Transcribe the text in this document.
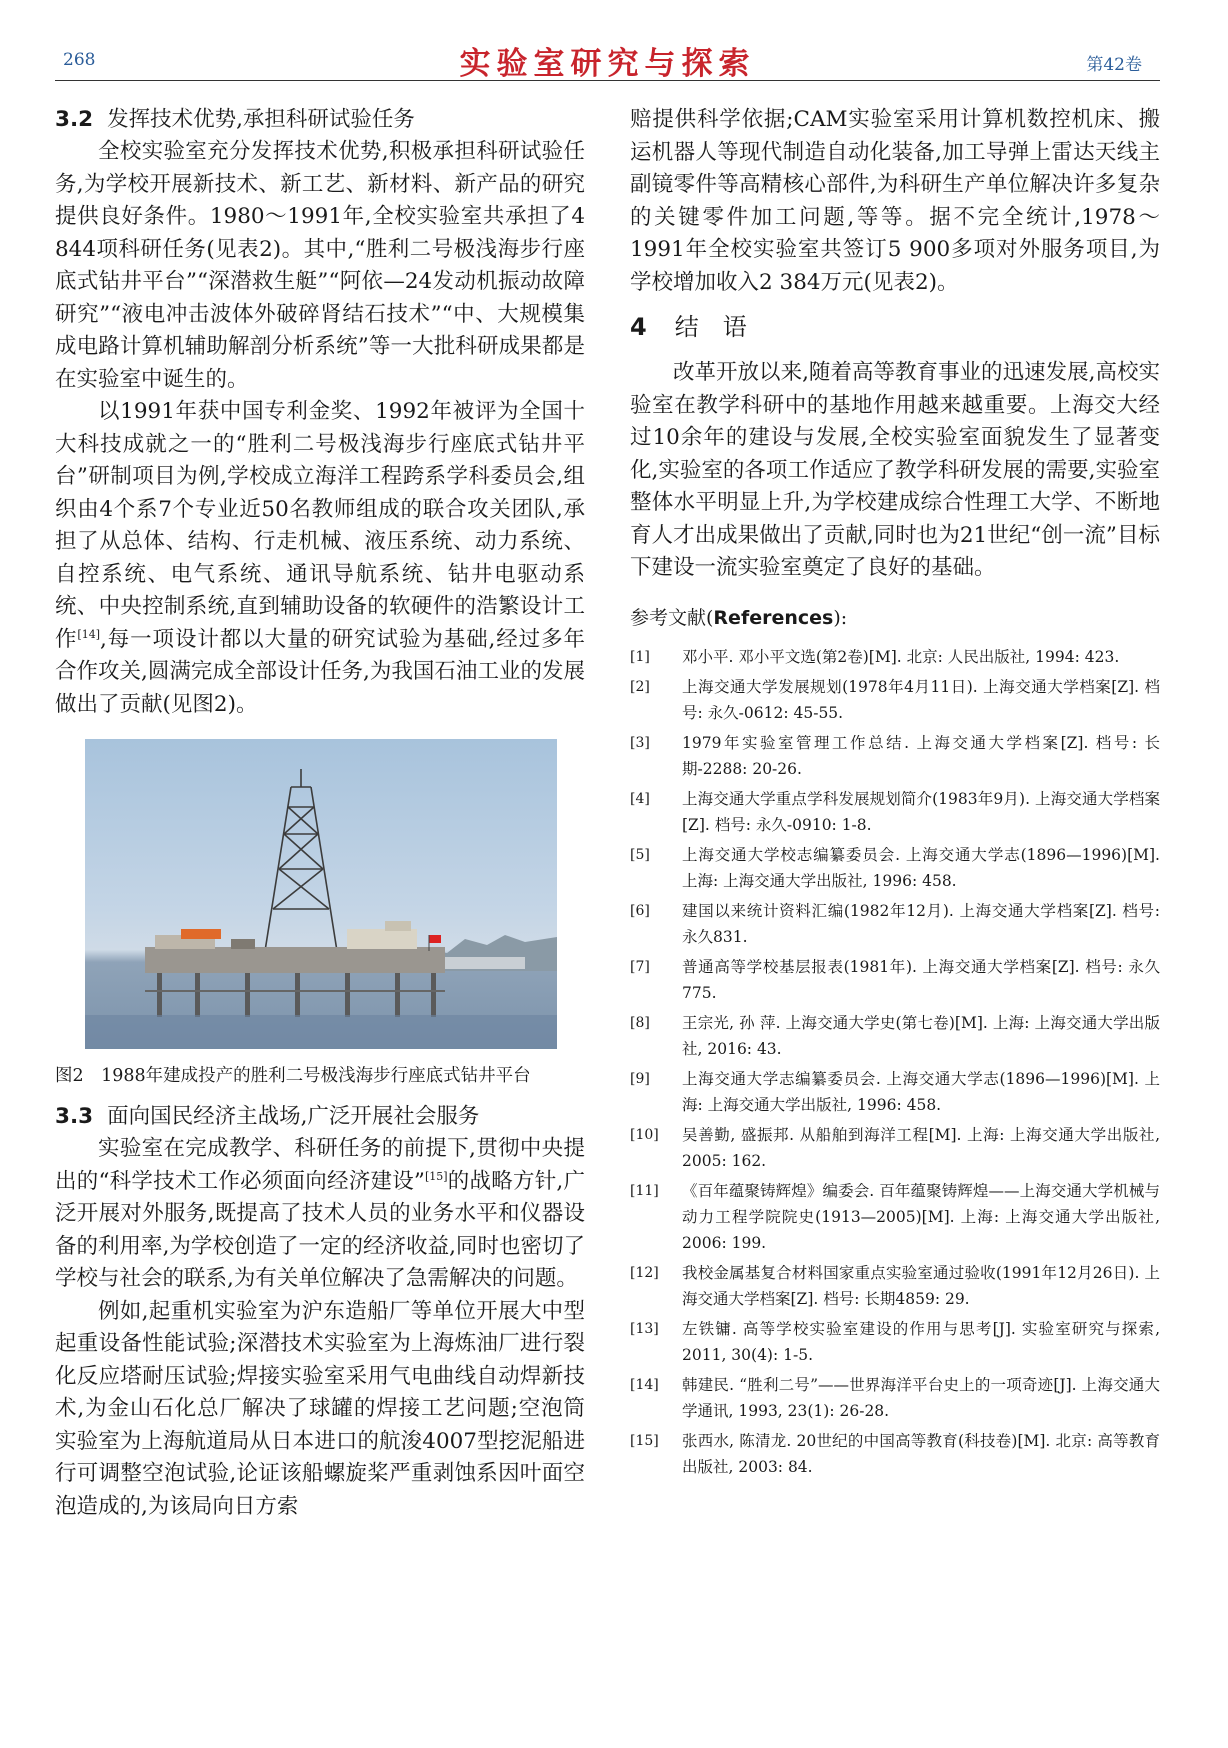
268	实验室研究与探索	第42卷

3.2 发挥技术优势,承担科研试验任务

全校实验室充分发挥技术优势,积极承担科研试验任务,为学校开展新技术、新工艺、新材料、新产品的研究提供良好条件。1980～1991年,全校实验室共承担了4 844项科研任务(见表2)。其中,“胜利二号极浅海步行座底式钻井平台”“深潜救生艇”“阿依—24发动机振动故障研究”“液电冲击波体外破碎肾结石技术”“中、大规模集成电路计算机辅助解剖分析系统”等一大批科研成果都是在实验室中诞生的。

以1991年获中国专利金奖、1992年被评为全国十大科技成就之一的“胜利二号极浅海步行座底式钻井平台”研制项目为例,学校成立海洋工程跨系学科委员会,组织由4个系7个专业近50名教师组成的联合攻关团队,承担了从总体、结构、行走机械、液压系统、动力系统、自控系统、电气系统、通讯导航系统、钻井电驱动系统、中央控制系统,直到辅助设备的软硬件的浩繁设计工作[14],每一项设计都以大量的研究试验为基础,经过多年合作攻关,圆满完成全部设计任务,为我国石油工业的发展做出了贡献(见图2)。

图2　1988年建成投产的胜利二号极浅海步行座底式钻井平台

3.3 面向国民经济主战场,广泛开展社会服务

实验室在完成教学、科研任务的前提下,贯彻中央提出的“科学技术工作必须面向经济建设”[15]的战略方针,广泛开展对外服务,既提高了技术人员的业务水平和仪器设备的利用率,为学校创造了一定的经济收益,同时也密切了学校与社会的联系,为有关单位解决了急需解决的问题。

例如,起重机实验室为沪东造船厂等单位开展大中型起重设备性能试验;深潜技术实验室为上海炼油厂进行裂化反应塔耐压试验;焊接实验室采用气电曲线自动焊新技术,为金山石化总厂解决了球罐的焊接工艺问题;空泡筒实验室为上海航道局从日本进口的航浚4007型挖泥船进行可调整空泡试验,论证该船螺旋桨严重剥蚀系因叶面空泡造成的,为该局向日方索

赔提供科学依据;CAM实验室采用计算机数控机床、搬运机器人等现代制造自动化装备,加工导弹上雷达天线主副镜零件等高精核心部件,为科研生产单位解决许多复杂的关键零件加工问题,等等。据不完全统计,1978～1991年全校实验室共签订5 900多项对外服务项目,为学校增加收入2 384万元(见表2)。

4 结语

改革开放以来,随着高等教育事业的迅速发展,高校实验室在教学科研中的基地作用越来越重要。上海交大经过10余年的建设与发展,全校实验室面貌发生了显著变化,实验室的各项工作适应了教学科研发展的需要,实验室整体水平明显上升,为学校建成综合性理工大学、不断地育人才出成果做出了贡献,同时也为21世纪“创一流”目标下建设一流实验室奠定了良好的基础。

参考文献(References):
[1]	邓小平. 邓小平文选(第2卷)[M]. 北京: 人民出版社, 1994: 423.
[2]	上海交通大学发展规划(1978年4月11日). 上海交通大学档案[Z]. 档号: 永久-0612: 45-55.
[3]	1979年实验室管理工作总结. 上海交通大学档案[Z]. 档号: 长期-2288: 20-26.
[4]	上海交通大学重点学科发展规划简介(1983年9月). 上海交通大学档案[Z]. 档号: 永久-0910: 1-8.
[5]	上海交通大学校志编纂委员会. 上海交通大学志(1896—1996)[M]. 上海: 上海交通大学出版社, 1996: 458.
[6]	建国以来统计资料汇编(1982年12月). 上海交通大学档案[Z]. 档号: 永久831.
[7]	普通高等学校基层报表(1981年). 上海交通大学档案[Z]. 档号: 永久775.
[8]	王宗光, 孙 萍. 上海交通大学史(第七卷)[M]. 上海: 上海交通大学出版社, 2016: 43.
[9]	上海交通大学志编纂委员会. 上海交通大学志(1896—1996)[M]. 上海: 上海交通大学出版社, 1996: 458.
[10]	吴善勤, 盛振邦. 从船舶到海洋工程[M]. 上海: 上海交通大学出版社, 2005: 162.
[11]	《百年蕴聚铸辉煌》编委会. 百年蕴聚铸辉煌——上海交通大学机械与动力工程学院院史(1913—2005)[M]. 上海: 上海交通大学出版社, 2006: 199.
[12]	我校金属基复合材料国家重点实验室通过验收(1991年12月26日). 上海交通大学档案[Z]. 档号: 长期4859: 29.
[13]	左铁镛. 高等学校实验室建设的作用与思考[J]. 实验室研究与探索, 2011, 30(4): 1-5.
[14]	韩建民. “胜利二号”——世界海洋平台史上的一项奇迹[J]. 上海交通大学通讯, 1993, 23(1): 26-28.
[15]	张西水, 陈清龙. 20世纪的中国高等教育(科技卷)[M]. 北京: 高等教育出版社, 2003: 84.
